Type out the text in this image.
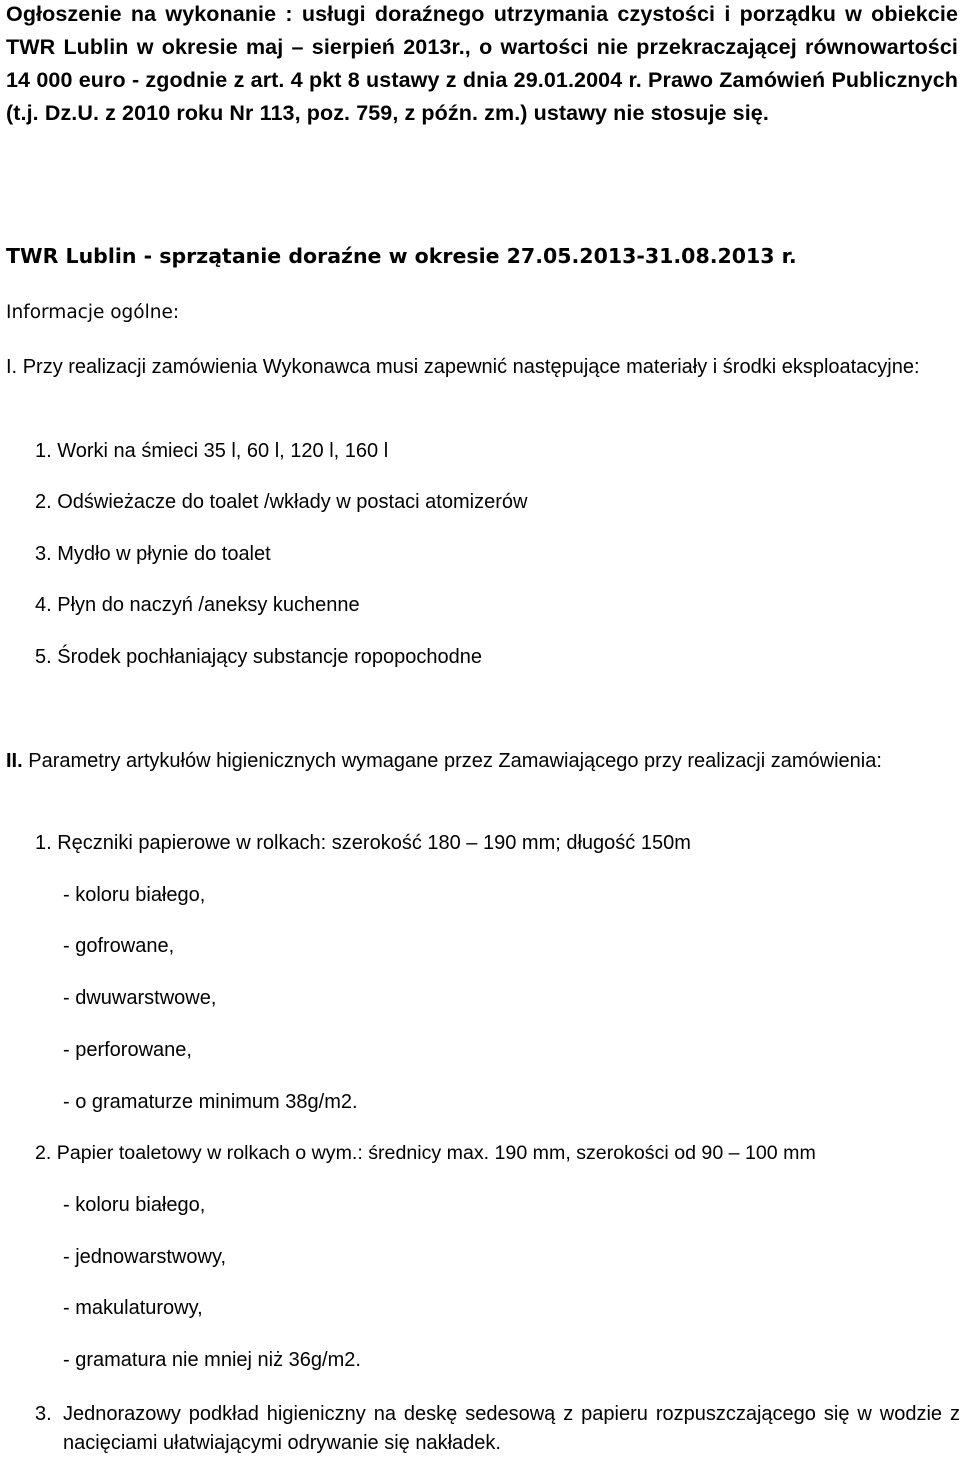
Ogłoszenie na wykonanie : usługi doraźnego utrzymania czystości i porządku w obiekcie TWR Lublin w okresie maj – sierpień 2013r., o wartości nie przekraczającej równowartości 14 000 euro - zgodnie z art. 4 pkt 8 ustawy z dnia 29.01.2004 r. Prawo Zamówień Publicznych (t.j. Dz.U. z 2010 roku Nr 113, poz. 759, z późn. zm.) ustawy nie stosuje się.
TWR Lublin - sprzątanie doraźne w okresie 27.05.2013-31.08.2013 r.
Informacje ogólne:
I. Przy realizacji zamówienia Wykonawca musi zapewnić następujące materiały i środki eksploatacyjne:
1. Worki na śmieci 35 l, 60 l, 120 l, 160 l
2. Odświeżacze do toalet /wkłady w postaci atomizerów
3. Mydło w płynie do toalet
4. Płyn do naczyń /aneksy kuchenne
5. Środek pochłaniający substancje ropopochodne
II. Parametry artykułów higienicznych wymagane przez Zamawiającego przy realizacji zamówienia:
1. Ręczniki papierowe w rolkach: szerokość 180 – 190 mm; długość 150m
- koloru białego,
- gofrowane,
- dwuwarstwowe,
- perforowane,
- o gramaturze minimum 38g/m2.
2. Papier toaletowy w rolkach o wym.: średnicy max. 190 mm, szerokości od 90 – 100 mm
- koloru białego,
- jednowarstwowy,
- makulaturowy,
- gramatura nie mniej niż 36g/m2.
3. Jednorazowy podkład higieniczny na deskę sedesową z papieru rozpuszczającego się w wodzie z nacięciami ułatwiającymi odrywanie się nakładek.
